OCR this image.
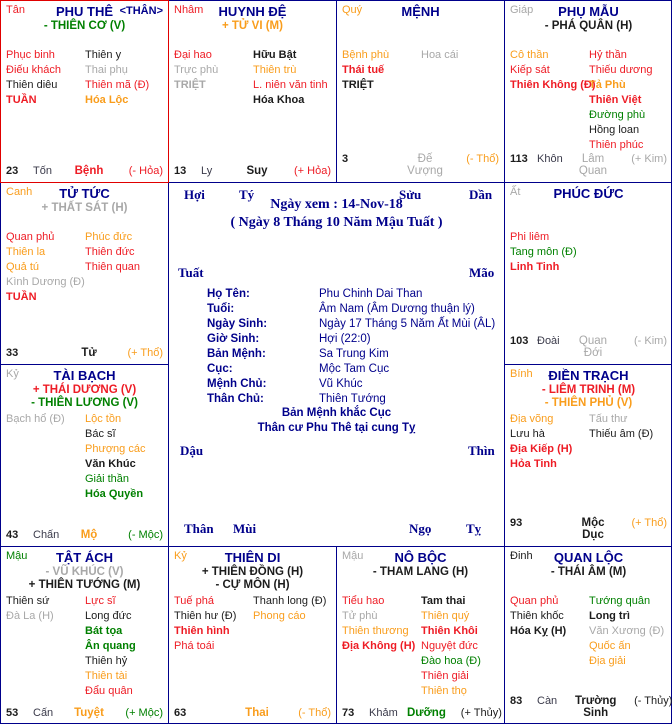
Tân	<THÂN>
PHU THÊ
- THIÊN CƠ (V)
Phục binh
Điếu khách
Thiên diêu
TUẦN
Thiên y
Thai phụ
Thiên mã (Đ)
Hóa Lộc
23	Tốn	Bệnh	(- Hỏa)
Nhâm	HUYNH ĐỆ
+ TỬ VI (M)
Đại hao
Trực phù
TRIỆT
Hữu Bật
Thiên trù
L. niên văn tinh
Hóa Khoa
13	Ly	Suy	(+ Hỏa)
Quý	MỆNH
Bệnh phù
Thái tuế
TRIỆT
Hoa cái
3	Đế Vượng
(- Thổ)
Giáp	PHỤ MẪU
- PHÁ QUÂN (H)
Cô thần
Kiếp sát
Thiên Không (Đ)
Hỷ thần
Thiếu dương
Tả Phù
Thiên Việt
Đường phù
Hồng loan
Thiên phúc
113 Khôn	Lâm Quan
(+ Kim)
Canh	TỬ TỨC
+ THẤT SÁT (H)
Quan phủ
Thiên la
Quả tú
Kình Dương (Đ)
TUẦN
Phúc đức
Thiên đức
Thiên quan
33	Tử	(+ Thổ)
Ất	PHÚC ĐỨC
Phi liêm
Tang môn (Đ)
Linh Tinh
103 Đoài	Quan Đới
(- Kim)
Kỷ	TÀI BẠCH
+ THÁI DƯƠNG (V)
- THIÊN LƯƠNG (V)
Bạch hổ (Đ)	Lộc tồn
Bác sĩ
Phượng các
Văn Khúc
Giải thần
Hóa Quyền
43	Chấn	Mộ	(- Mộc)
Bính	ĐIỀN TRẠCH
- LIÊM TRINH (M)
- THIÊN PHỦ (V)
Địa võng
Lưu hà
Địa Kiếp (H)
Hỏa Tinh
Tấu thư
Thiếu âm (Đ)
93	Mộc Dục
(+ Thổ)
Mậu	TẬT ÁCH
- VŨ KHÚC (V)
+ THIÊN TƯỚNG (M)
Thiên sứ
Đà La (H)
Lực sĩ
Long đức
Bát tọa
Ân quang
Thiên hỷ
Thiên tài
Đẩu quân
53	Cấn	Tuyệt	(+ Mộc)
Kỷ	THIÊN DI
+ THIÊN ĐỒNG (H)
- CỰ MÔN (H)
Tuế phá
Thiên hư (Đ)
Thiên hình
Phá toái
Thanh long (Đ)
Phong cáo
63	Thai	(- Thổ)
Mậu	NÔ BỘC
- THAM LANG (H)
Tiểu hao
Tử phù
Thiên thương
Địa Không (H)
Tam thai
Thiên quý
Thiên Khôi
Nguyệt đức
Đào hoa (Đ)
Thiên giải
Thiên thọ
73	Khảm Dưỡng	(+ Thủy)
Đinh	QUAN LỘC
- THÁI ÂM (M)
Quan phủ
Thiên khốc
Hóa Kỵ (H)
Tướng quân
Long trì
Văn Xương (Đ)
Quốc ấn
Địa giải
83	Càn	Trường Sinh
(- Thủy)
Ngày xem : 14-Nov-18
( Ngày 8 Tháng 10 Năm Mậu Tuất )
Họ Tên:	Phu Chinh Dai Than
Tuổi:	Âm Nam (Âm Dương thuận lý)
Ngày Sinh:	Ngày 17 Tháng 5 Năm Ất Mùi (ÂL)
Giờ Sinh:	Hợi (22:0)
Bản Mệnh:	Sa Trung Kim
Cục:	Mộc Tam Cục
Mệnh Chủ:	Vũ Khúc
Thân Chủ:	Thiên Tướng
Bản Mệnh khắc Cục
Thân cư Phu Thê tại cung Tỵ
Hợi	Tý	Sửu	Dần
Tuất	Mão
Dậu	Thìn
Thân Mùi	Ngọ	Tỵ
